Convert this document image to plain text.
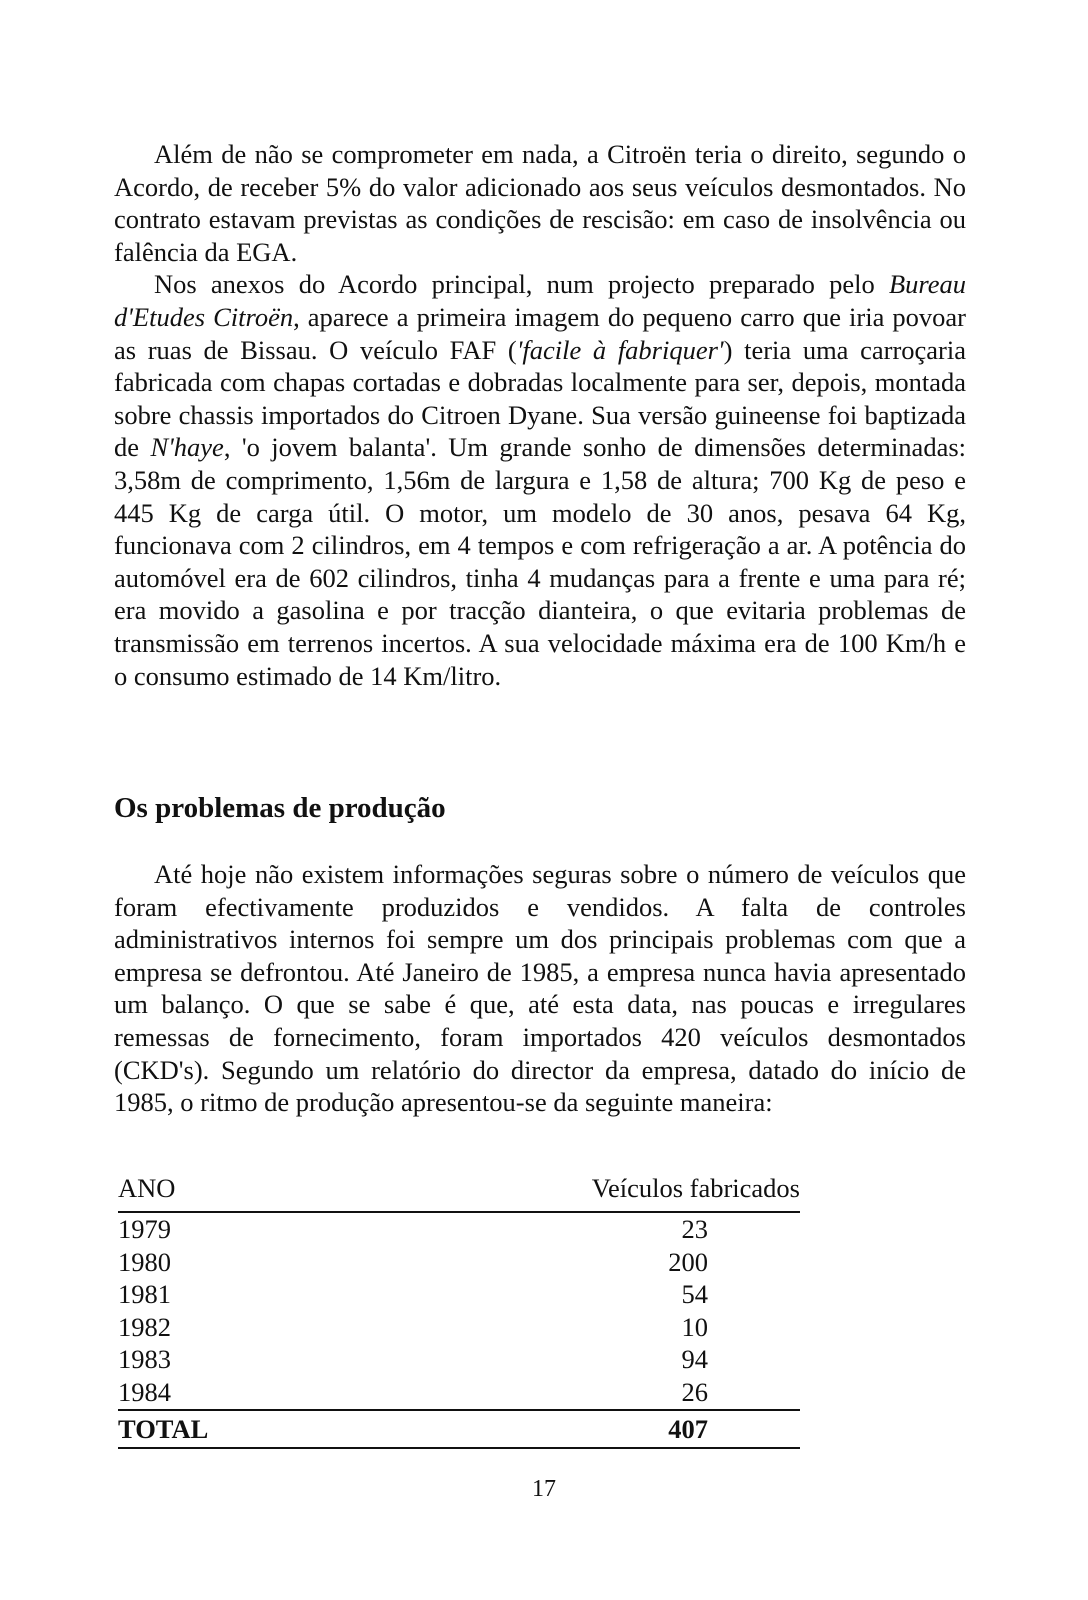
Além de não se comprometer em nada, a Citroën teria o direito, segundo o Acordo, de receber 5% do valor adicionado aos seus veículos desmontados. No contrato estavam previstas as condições de rescisão: em caso de insolvência ou falência da EGA.

Nos anexos do Acordo principal, num projecto preparado pelo Bureau d'Etudes Citroën, aparece a primeira imagem do pequeno carro que iria povoar as ruas de Bissau. O veículo FAF ('facile à fabriquer') teria uma carroçaria fabricada com chapas cortadas e dobradas localmente para ser, depois, montada sobre chassis importados do Citroen Dyane. Sua versão guineense foi baptizada de N'haye, 'o jovem balanta'. Um grande sonho de dimensões determinadas: 3,58m de comprimento, 1,56m de largura e 1,58 de altura; 700 Kg de peso e 445 Kg de carga útil. O motor, um modelo de 30 anos, pesava 64 Kg, funcionava com 2 cilindros, em 4 tempos e com refrigeração a ar. A potência do automóvel era de 602 cilindros, tinha 4 mudanças para a frente e uma para ré; era movido a gasolina e por tracção dianteira, o que evitaria problemas de transmissão em terrenos incertos. A sua velocidade máxima era de 100 Km/h e o consumo estimado de 14 Km/litro.

Os problemas de produção

Até hoje não existem informações seguras sobre o número de veículos que foram efectivamente produzidos e vendidos. A falta de controles administrativos internos foi sempre um dos principais problemas com que a empresa se defrontou. Até Janeiro de 1985, a empresa nunca havia apresentado um balanço. O que se sabe é que, até esta data, nas poucas e irregulares remessas de fornecimento, foram importados 420 veículos desmontados (CKD's). Segundo um relatório do director da empresa, datado do início de 1985, o ritmo de produção apresentou-se da seguinte maneira:

ANO	Veículos fabricados
1979	23
1980	200
1981	54
1982	10
1983	94
1984	26
TOTAL	407
17
